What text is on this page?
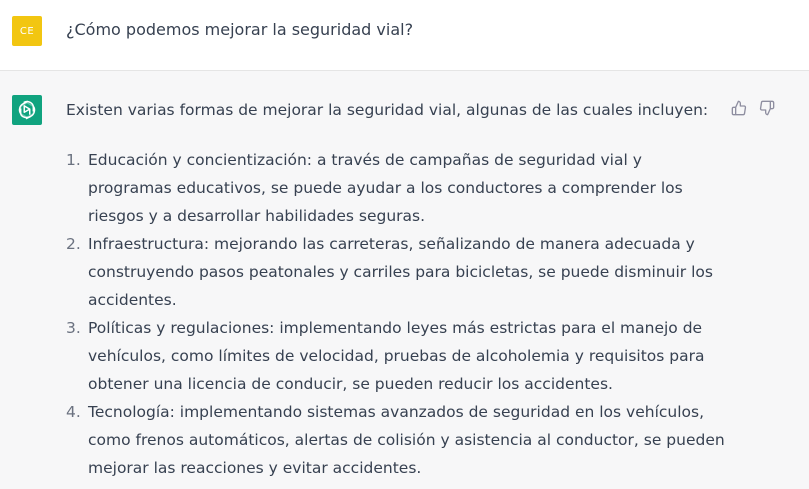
CE	¿Cómo podemos mejorar la seguridad vial?

Existen varias formas de mejorar la seguridad vial, algunas de las cuales incluyen:

1. Educación y concientización: a través de campañas de seguridad vial y programas educativos, se puede ayudar a los conductores a comprender los riesgos y a desarrollar habilidades seguras.
2. Infraestructura: mejorando las carreteras, señalizando de manera adecuada y construyendo pasos peatonales y carriles para bicicletas, se puede disminuir los accidentes.
3. Políticas y regulaciones: implementando leyes más estrictas para el manejo de vehículos, como límites de velocidad, pruebas de alcoholemia y requisitos para obtener una licencia de conducir, se pueden reducir los accidentes.
4. Tecnología: implementando sistemas avanzados de seguridad en los vehículos, como frenos automáticos, alertas de colisión y asistencia al conductor, se pueden mejorar las reacciones y evitar accidentes.
